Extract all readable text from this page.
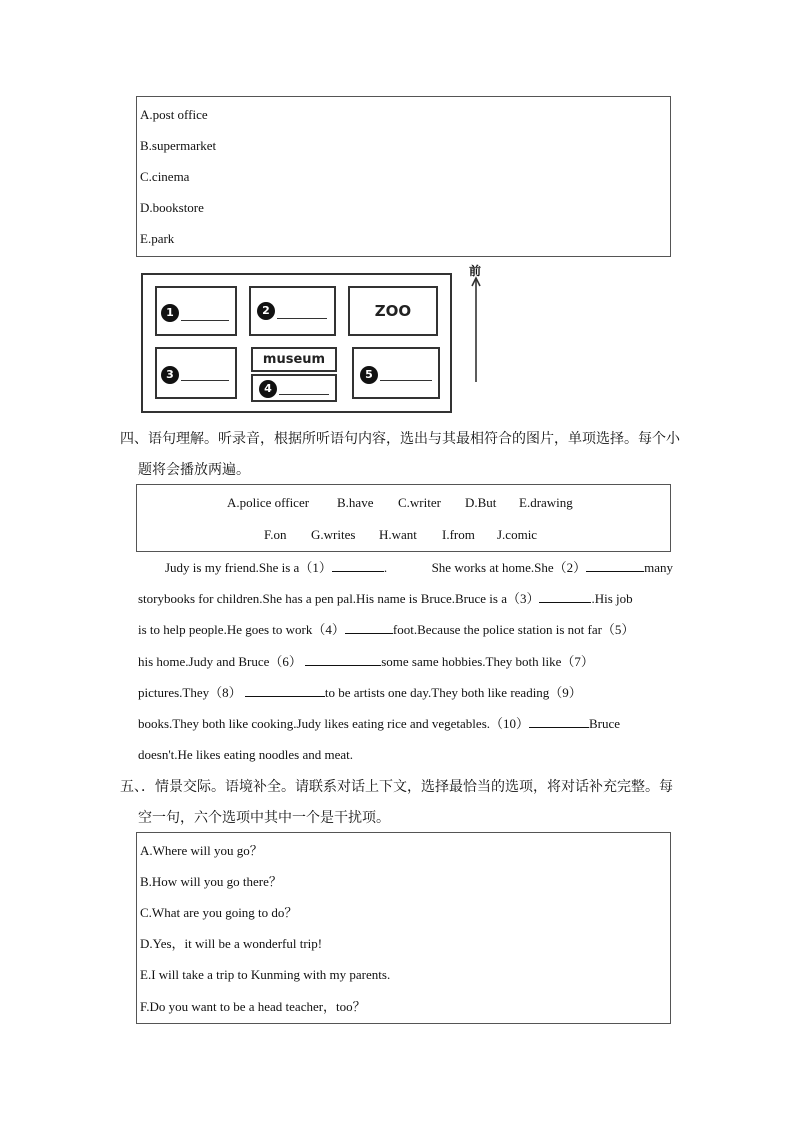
A.post office
B.supermarket
C.cinema
D.bookstore
E.park
1	2	ZOO
3
museum
4
5
前
四、语句理解。听录音，根据所听语句内容，选出与其最相符合的图片，单项选择。每个小
题将会播放两遍。
A.police officer B.have C.writer D.But E.drawing
F.on G.writes H.want I.from J.comic
Judy is my friend.She is a（1）	.	She works at home.She（2）	many
storybooks for children.She has a pen pal.His name is Bruce.Bruce is a（3）	.His job
is to help people.He goes to work（4）	foot.Because the police station is not far（5）
his home.Judy and Bruce（6）	some same hobbies.They both like（7）
pictures.They（8）	to be artists one day.They both like reading（9）
books.They both like cooking.Judy likes eating rice and vegetables.（10）	Bruce
doesn't.He likes eating noodles and meat.
五、．情景交际。语境补全。请联系对话上下文，选择最恰当的选项，将对话补充完整。每
空一句，六个选项中其中一个是干扰项。
A.Where will you go？
B.How will you go there？
C.What are you going to do？
D.Yes，it will be a wonderful trip!
E.I will take a trip to Kunming with my parents.
F.Do you want to be a head teacher，too？
